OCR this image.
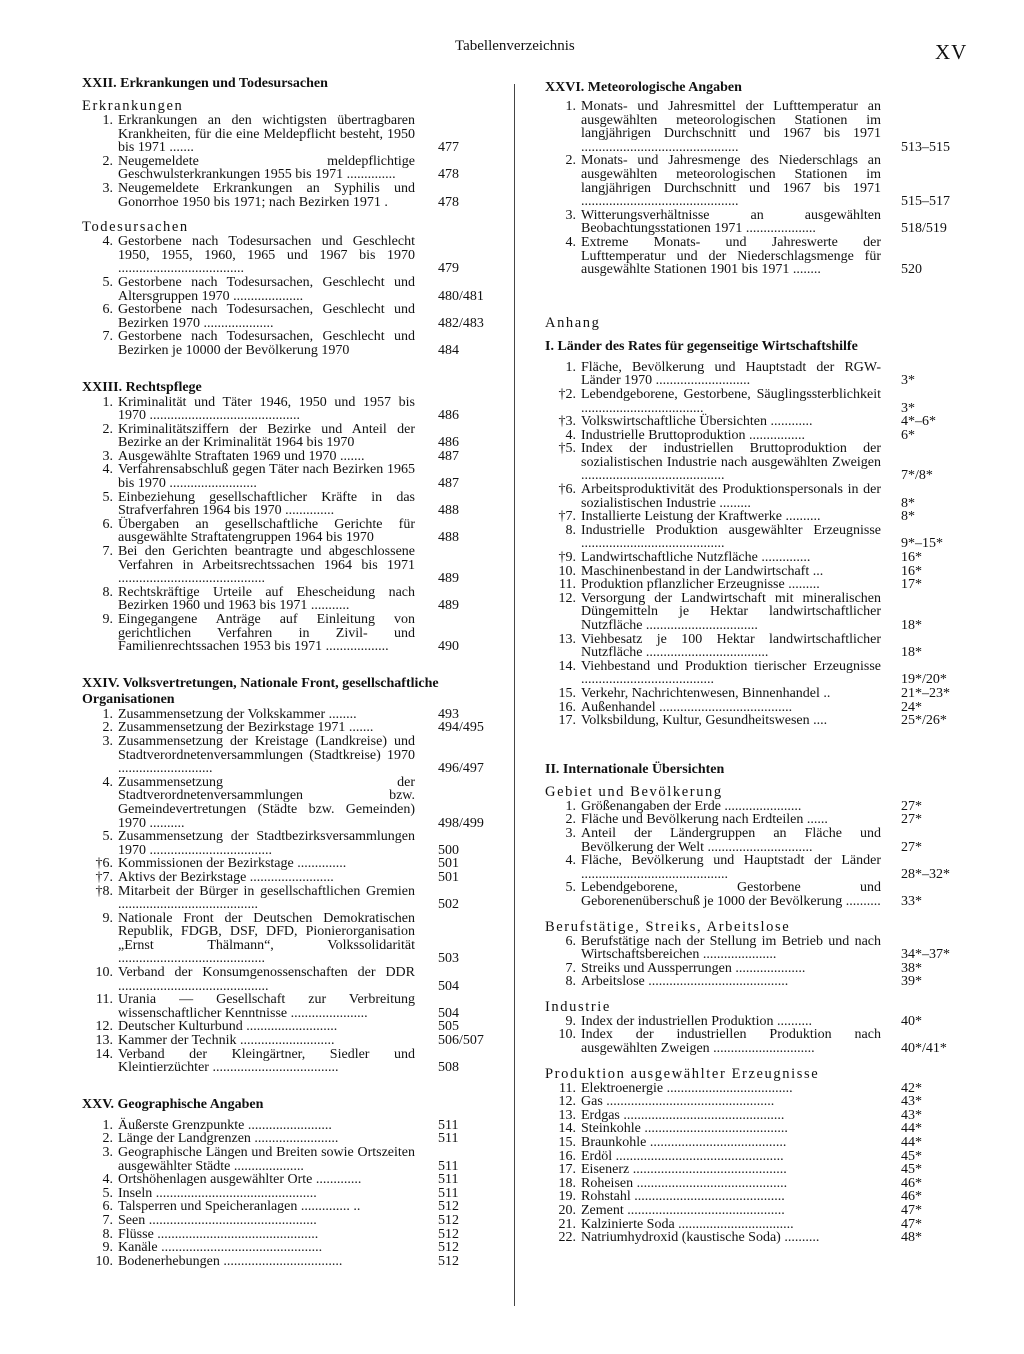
Tabellenverzeichnis	XV
XXII. Erkrankungen und Todesursachen
Erkrankungen
1. Erkrankungen an den wichtigsten übertragbaren Krankheiten, für die eine Meldepflicht besteht, 1950 bis 1971 .......	477
2. Neugemeldete meldepflichtige Geschwulsterkrankungen 1955 bis 1971 ..............	478
3. Neugemeldete Erkrankungen an Syphilis und Gonorrhoe 1950 bis 1971; nach Bezirken 1971 .	478
Todesursachen
4. Gestorbene nach Todesursachen und Geschlecht 1950, 1955, 1960, 1965 und 1967 bis 1970 ....................................	479
5. Gestorbene nach Todesursachen, Geschlecht und Altersgruppen 1970 ....................	480/481
6. Gestorbene nach Todesursachen, Geschlecht und Bezirken 1970 ....................	482/483
7. Gestorbene nach Todesursachen, Geschlecht und Bezirken je 10000 der Bevölkerung 1970	484
XXIII. Rechtspflege
1. Kriminalität und Täter 1946, 1950 und 1957 bis 1970 ...........................................	486
2. Kriminalitätsziffern der Bezirke und Anteil der Bezirke an der Kriminalität 1964 bis 1970	486
3. Ausgewählte Straftaten 1969 und 1970 .......	487
4. Verfahrensabschluß gegen Täter nach Bezirken 1965 bis 1970 .........................	487
5. Einbeziehung gesellschaftlicher Kräfte in das Strafverfahren 1964 bis 1970 ..............	488
6. Übergaben an gesellschaftliche Gerichte für ausgewählte Straftatengruppen 1964 bis 1970	488
7. Bei den Gerichten beantragte und abgeschlossene Verfahren in Arbeitsrechtssachen 1964 bis 1971 ..........................................	489
8. Rechtskräftige Urteile auf Ehescheidung nach Bezirken 1960 und 1963 bis 1971 ...........	489
9. Eingegangene Anträge auf Einleitung von gerichtlichen Verfahren in Zivil- und Familienrechtssachen 1953 bis 1971 ..................	490
XXIV. Volksvertretungen, Nationale Front, gesellschaftliche Organisationen
1. Zusammensetzung der Volkskammer ........	493
2. Zusammensetzung der Bezirkstage 1971 .......	494/495
3. Zusammensetzung der Kreistage (Landkreise) und Stadtverordnetenversammlungen (Stadtkreise) 1970 ...........................	496/497
4. Zusammensetzung der Stadtverordnetenversammlungen bzw. Gemeindevertretungen (Städte bzw. Gemeinden) 1970 ..........	498/499
5. Zusammensetzung der Stadtbezirksversammlungen 1970 ...................................	500
†6. Kommissionen der Bezirkstage ..............	501
†7. Aktivs der Bezirkstage ........................	501
†8. Mitarbeit der Bürger in gesellschaftlichen Gremien ........................................	502
9. Nationale Front der Deutschen Demokratischen Republik, FDGB, DSF, DFD, Pionierorganisation „Ernst Thälmann“, Volkssolidarität ..........................................	503
10. Verband der Konsumgenossenschaften der DDR ...........................................	504
11. Urania — Gesellschaft zur Verbreitung wissenschaftlicher Kenntnisse ......................	504
12. Deutscher Kulturbund ..........................	505
13. Kammer der Technik ...........................	506/507
14. Verband der Kleingärtner, Siedler und Kleintierzüchter ....................................	508
XXV. Geographische Angaben
1. Äußerste Grenzpunkte ........................	511
2. Länge der Landgrenzen ........................	511
3. Geographische Längen und Breiten sowie Ortszeiten ausgewählter Städte ....................	511
4. Ortshöhenlagen ausgewählter Orte .............	511
5. Inseln ..............................................	511
6. Talsperren und Speicheranlagen .............. ..	512
7. Seen ................................................	512
8. Flüsse ..............................................	512
9. Kanäle ..............................................	512
10. Bodenerhebungen ..................................	512
XXVI. Meteorologische Angaben
1. Monats- und Jahresmittel der Lufttemperatur an ausgewählten meteorologischen Stationen im langjährigen Durchschnitt und 1967 bis 1971 .............................................	513–515
2. Monats- und Jahresmenge des Niederschlags an ausgewählten meteorologischen Stationen im langjährigen Durchschnitt und 1967 bis 1971 .............................................	515–517
3. Witterungsverhältnisse an ausgewählten Beobachtungsstationen 1971 ....................	518/519
4. Extreme Monats- und Jahreswerte der Lufttemperatur und der Niederschlagsmenge für ausgewählte Stationen 1901 bis 1971 ........	520
Anhang
I. Länder des Rates für gegenseitige Wirtschaftshilfe
1. Fläche, Bevölkerung und Hauptstadt der RGW-Länder 1970 ...........................	3*
†2. Lebendgeborene, Gestorbene, Säuglingssterblichkeit ...................................	3*
†3. Volkswirtschaftliche Übersichten ............	4*–6*
4. Industrielle Bruttoproduktion ................	6*
†5. Index der industriellen Bruttoproduktion der sozialistischen Industrie nach ausgewählten Zweigen .........................................	7*/8*
†6. Arbeitsproduktivität des Produktionspersonals in der sozialistischen Industrie .........	8*
†7. Installierte Leistung der Kraftwerke ..........	8*
8. Industrielle Produktion ausgewählter Erzeugnisse .........................................	9*–15*
†9. Landwirtschaftliche Nutzfläche ..............	16*
10. Maschinenbestand in der Landwirtschaft ...	16*
11. Produktion pflanzlicher Erzeugnisse .........	17*
12. Versorgung der Landwirtschaft mit mineralischen Düngemitteln je Hektar landwirtschaftlicher Nutzfläche ................................	18*
13. Viehbesatz je 100 Hektar landwirtschaftlicher Nutzfläche ...................................	18*
14. Viehbestand und Produktion tierischer Erzeugnisse ......................................	19*/20*
15. Verkehr, Nachrichtenwesen, Binnenhandel ..	21*–23*
16. Außenhandel ......................................	24*
17. Volksbildung, Kultur, Gesundheitswesen ....	25*/26*
II. Internationale Übersichten
Gebiet und Bevölkerung
1. Größenangaben der Erde ......................	27*
2. Fläche und Bevölkerung nach Erdteilen ......	27*
3. Anteil der Ländergruppen an Fläche und Bevölkerung der Welt ..............................	27*
4. Fläche, Bevölkerung und Hauptstadt der Länder ..........................................	28*–32*
5. Lebendgeborene, Gestorbene und Geborenenüberschuß je 1000 der Bevölkerung .......... 33*
Berufstätige, Streiks, Arbeitslose
6. Berufstätige nach der Stellung im Betrieb und nach Wirtschaftsbereichen .....................	34*–37*
7. Streiks und Aussperrungen ....................	38*
8. Arbeitslose ........................................	39*
Industrie
9. Index der industriellen Produktion ..........	40*
10. Index der industriellen Produktion nach ausgewählten Zweigen .............................	40*/41*
Produktion ausgewählter Erzeugnisse
11. Elektroenergie ....................................	42*
12. Gas ................................................	43*
13. Erdgas ..............................................	43*
14. Steinkohle .........................................	44*
15. Braunkohle .......................................	44*
16. Erdöl ................................................	45*
17. Eisenerz ............................................	45*
18. Roheisen ...........................................	46*
19. Rohstahl ...........................................	46*
20. Zement .............................................	47*
21. Kalzinierte Soda .................................	47*
22. Natriumhydroxid (kaustische Soda) ..........	48*
